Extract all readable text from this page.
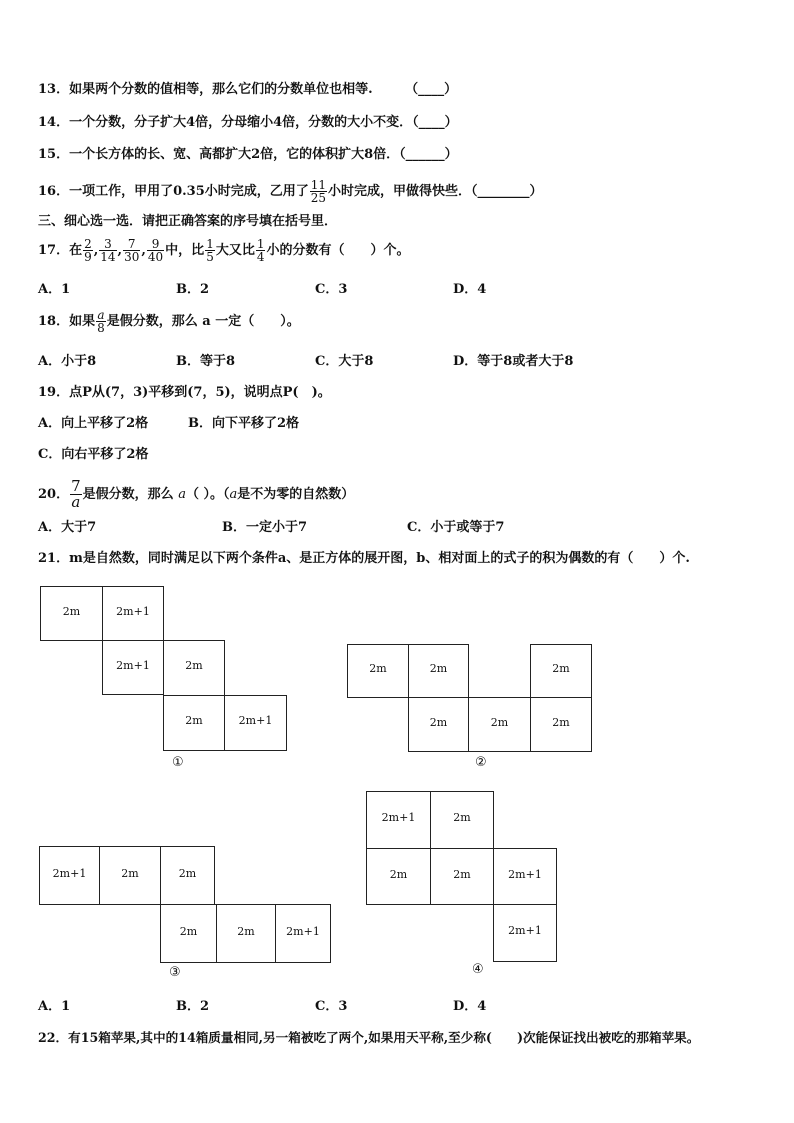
13．如果两个分数的值相等，那么它们的分数单位也相等.　　　（____）
14．一个分数，分子扩大4倍，分母缩小4倍，分数的大小不变．（____）
15．一个长方体的长、宽、高都扩大2倍，它的体积扩大8倍．（______）
16．一项工作，甲用了0.35小时完成，乙用了 $\frac{11}{25}$ 小时完成，甲做得快些．（________）
三、细心选一选．请把正确答案的序号填在括号里．
17．在 $\frac{2}{9}$ , $\frac{3}{14}$ , $\frac{7}{30}$ , $\frac{9}{40}$ 中，比 $\frac{1}{5}$ 大又比 $\frac{1}{4}$ 小的分数有（　　）个。
A．1	B．2	C．3	D．4
18．如果 $\frac{a}{8}$ 是假分数，那么 a 一定（　　）。
A．小于8	B．等于8	C．大于8	D．等于8或者大于8
19．点P从(7，3)平移到(7，5)，说明点P(　)。
A．向上平移了2格	B．向下平移了2格
C．向右平移了2格
20． $\frac{7}{a}$ 是假分数，那么 a（ ）。（a是不为零的自然数）
A．大于7	B．一定小于7	C．小于或等于7
21．m是自然数，同时满足以下两个条件a、是正方体的展开图，b、相对面上的式子的积为偶数的有（　　）个.
2m	2m+1
2m+1	2m
2m	2m+1
①
2m	2m	2m
2m	2m	2m
②
2m+1	2m	2m
2m	2m	2m+1
③
2m+1	2m
2m	2m	2m+1
2m+1
④
A．1	B．2	C．3	D．4
22．有15箱苹果,其中的14箱质量相同,另一箱被吃了两个,如果用天平称,至少称(　　)次能保证找出被吃的那箱苹果。
